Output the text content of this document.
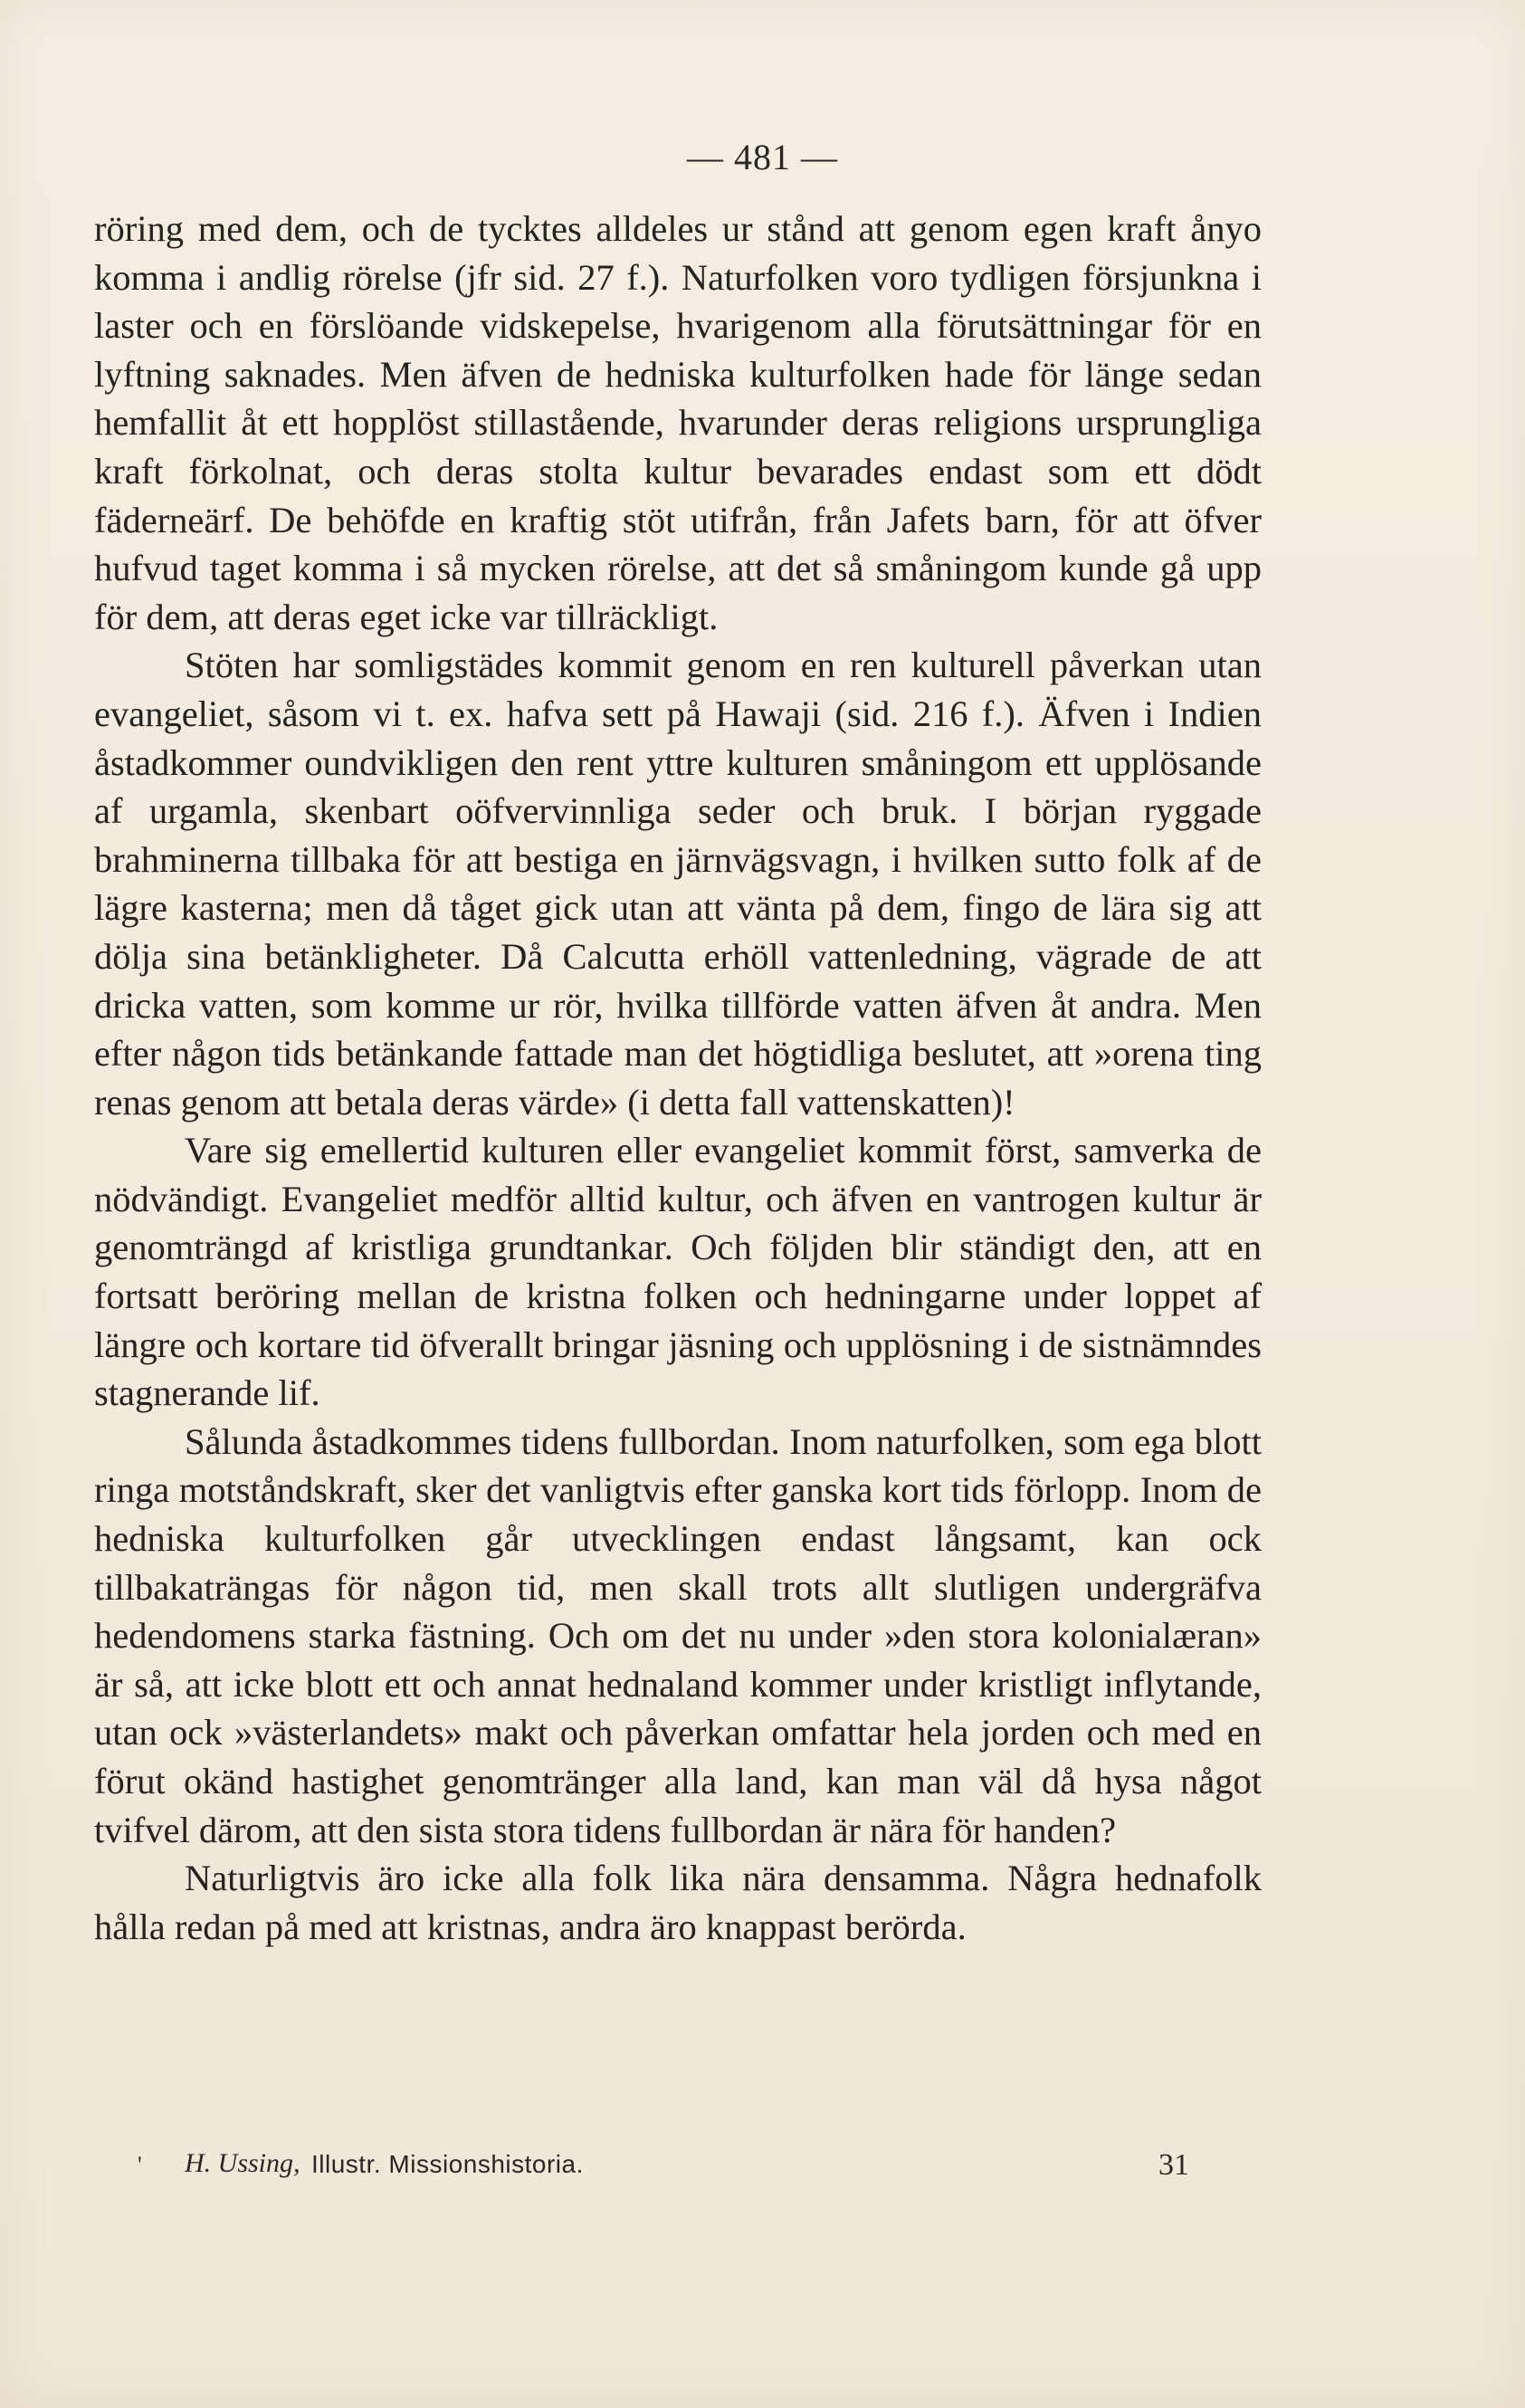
— 481 —

röring med dem, och de tycktes alldeles ur stånd att genom egen kraft ånyo komma i andlig rörelse (jfr sid. 27 f.). Naturfolken voro tydligen försjunkna i laster och en förslöande vidskepelse, hvarigenom alla förutsättningar för en lyftning saknades. Men äfven de hedniska kulturfolken hade för länge sedan hemfallit åt ett hopplöst stillastående, hvarunder deras religions ursprungliga kraft förkolnat, och deras stolta kultur bevarades endast som ett dödt fäderneärf. De behöfde en kraftig stöt utifrån, från Jafets barn, för att öfver hufvud taget komma i så mycken rörelse, att det så småningom kunde gå upp för dem, att deras eget icke var tillräckligt.

Stöten har somligstädes kommit genom en ren kulturell påverkan utan evangeliet, såsom vi t. ex. hafva sett på Hawaji (sid. 216 f.). Äfven i Indien åstadkommer oundvikligen den rent yttre kulturen småningom ett upplösande af urgamla, skenbart oöfvervinnliga seder och bruk. I början ryggade brahminerna tillbaka för att bestiga en järnvägsvagn, i hvilken sutto folk af de lägre kasterna; men då tåget gick utan att vänta på dem, fingo de lära sig att dölja sina betänkligheter. Då Calcutta erhöll vattenledning, vägrade de att dricka vatten, som komme ur rör, hvilka tillförde vatten äfven åt andra. Men efter någon tids betänkande fattade man det högtidliga beslutet, att »orena ting renas genom att betala deras värde» (i detta fall vattenskatten)!

Vare sig emellertid kulturen eller evangeliet kommit först, samverka de nödvändigt. Evangeliet medför alltid kultur, och äfven en vantrogen kultur är genomträngd af kristliga grundtankar. Och följden blir ständigt den, att en fortsatt beröring mellan de kristna folken och hedningarne under loppet af längre och kortare tid öfverallt bringar jäsning och upplösning i de sistnämndes stagnerande lif.

Sålunda åstadkommes tidens fullbordan. Inom naturfolken, som ega blott ringa motståndskraft, sker det vanligtvis efter ganska kort tids förlopp. Inom de hedniska kulturfolken går utvecklingen endast långsamt, kan ock tillbakaträngas för någon tid, men skall trots allt slutligen undergräfva hedendomens starka fästning. Och om det nu under »den stora kolonialæran» är så, att icke blott ett och annat hednaland kommer under kristligt inflytande, utan ock »västerlandets» makt och påverkan omfattar hela jorden och med en förut okänd hastighet genomtränger alla land, kan man väl då hysa något tvifvel därom, att den sista stora tidens fullbordan är nära för handen?

Naturligtvis äro icke alla folk lika nära densamma. Några hednafolk hålla redan på med att kristnas, andra äro knappast berörda.

' H. Ussing, Illustr. Missionshistoria.	31
